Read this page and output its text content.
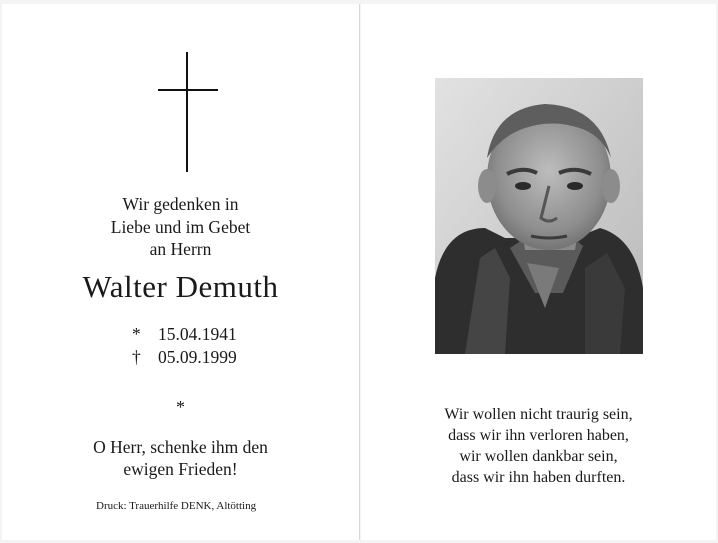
Wir gedenken in
Liebe und im Gebet
an Herrn
Walter Demuth
* 15.04.1941
† 05.09.1999
*
O Herr, schenke ihm den
ewigen Frieden!
Druck: Trauerhilfe DENK, Altötting
Wir wollen nicht traurig sein,
dass wir ihn verloren haben,
wir wollen dankbar sein,
dass wir ihn haben durften.
